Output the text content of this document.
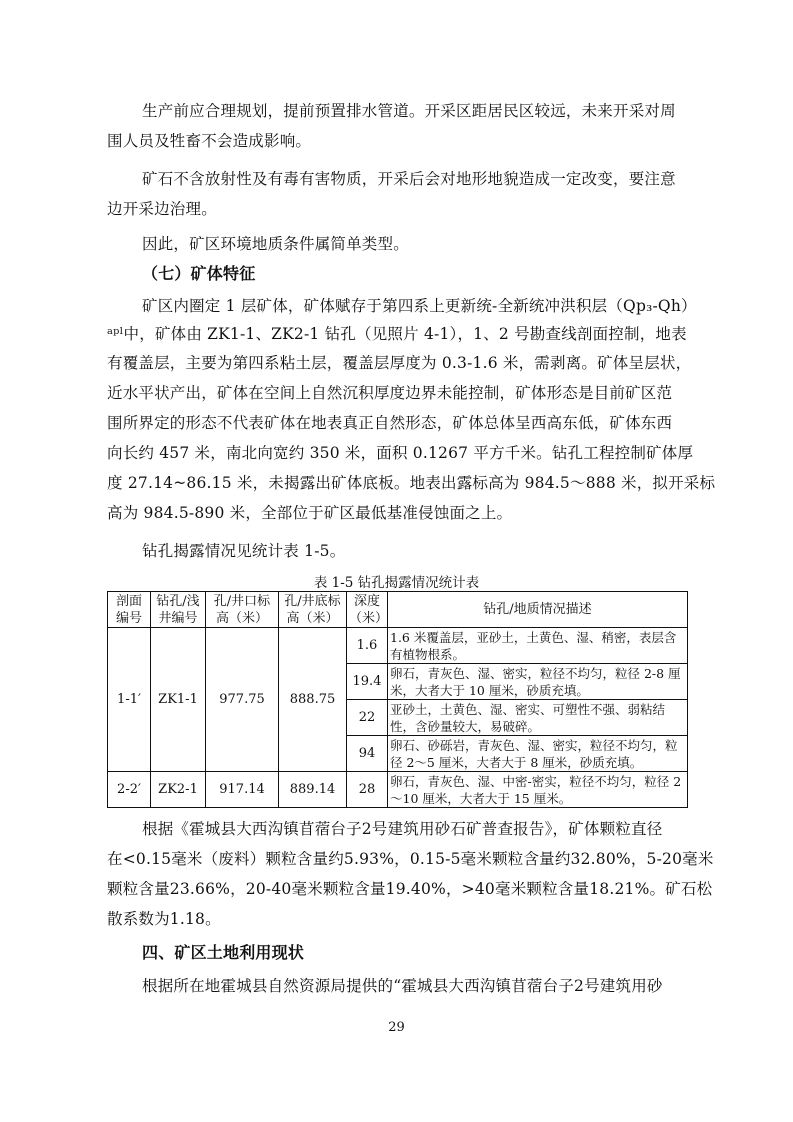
生产前应合理规划，提前预置排水管道。开采区距居民区较远，未来开采对周
围人员及牲畜不会造成影响。
矿石不含放射性及有毒有害物质，开采后会对地形地貌造成一定改变，要注意
边开采边治理。
因此，矿区环境地质条件属简单类型。
（七）矿体特征
矿区内圈定 1 层矿体，矿体赋存于第四系上更新统-全新统冲洪积层（Qp₃-Qh）
ᵃᵖˡ中，矿体由 ZK1-1、ZK2-1 钻孔（见照片 4-1），1、2 号勘查线剖面控制，地表
有覆盖层，主要为第四系粘土层，覆盖层厚度为 0.3-1.6 米，需剥离。矿体呈层状，
近水平状产出，矿体在空间上自然沉积厚度边界未能控制，矿体形态是目前矿区范
围所界定的形态不代表矿体在地表真正自然形态，矿体总体呈西高东低，矿体东西
向长约 457 米，南北向宽约 350 米，面积 0.1267 平方千米。钻孔工程控制矿体厚
度 27.14~86.15 米，未揭露出矿体底板。地表出露标高为 984.5～888 米，拟开采标
高为 984.5-890 米，全部位于矿区最低基准侵蚀面之上。
钻孔揭露情况见统计表 1-5。
表 1-5 钻孔揭露情况统计表
剖面编号	钻孔/浅井编号	孔/井口标高（米）	孔/井底标高（米）	深度（米）	钻孔/地质情况描述
1-1′	ZK1-1	977.75	888.75	1.6	1.6 米覆盖层，亚砂土，土黄色、湿、稍密，表层含有植物根系。
				19.4	卵石，青灰色、湿、密实，粒径不均匀，粒径 2-8 厘米，大者大于 10 厘米，砂质充填。
				22	亚砂土，土黄色、湿、密实、可塑性不强、弱粘结性，含砂量较大，易破碎。
				94	卵石、砂砾岩，青灰色、湿、密实，粒径不均匀，粒径 2～5 厘米，大者大于 8 厘米，砂质充填。
2-2′	ZK2-1	917.14	889.14	28	卵石，青灰色、湿、中密-密实，粒径不均匀，粒径 2～10 厘米，大者大于 15 厘米。
根据《霍城县大西沟镇苜蓿台子2号建筑用砂石矿普查报告》，矿体颗粒直径
在<0.15毫米（废料）颗粒含量约5.93%，0.15-5毫米颗粒含量约32.80%，5-20毫米
颗粒含量23.66%，20-40毫米颗粒含量19.40%，>40毫米颗粒含量18.21%。矿石松
散系数为1.18。
四、矿区土地利用现状
根据所在地霍城县自然资源局提供的“霍城县大西沟镇苜蓿台子2号建筑用砂
29
